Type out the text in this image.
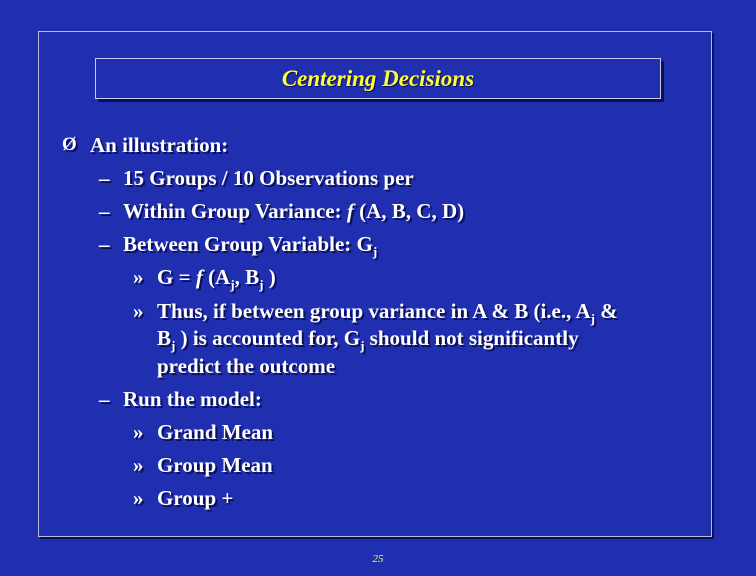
Centering Decisions
Ø An illustration:
– 15 Groups / 10 Observations per
– Within Group Variance: f (A, B, C, D)
– Between Group Variable: $G_j$
» G = f ($A_j$, $B_j$ )
» Thus, if between group variance in A & B (i.e., $A_j$ &
$B_j$ ) is accounted for, $G_j$ should not significantly
predict the outcome
– Run the model:
» Grand Mean
» Group Mean
» Group +
25
